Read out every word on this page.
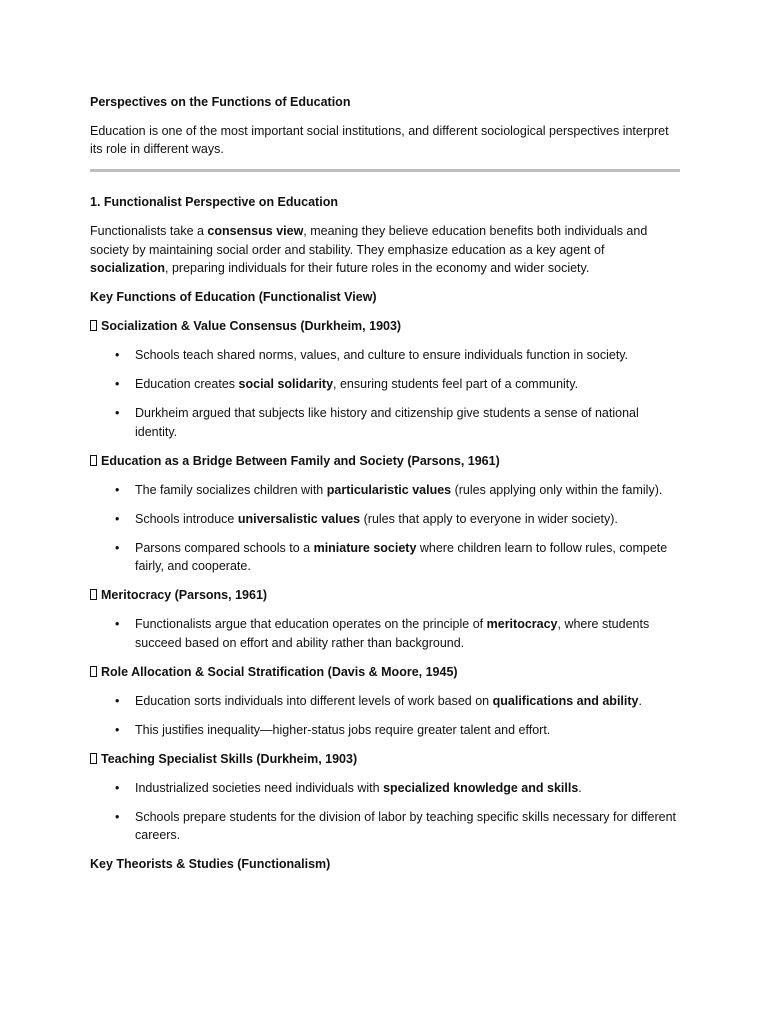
Perspectives on the Functions of Education

Education is one of the most important social institutions, and different sociological perspectives interpret its role in different ways.

1. Functionalist Perspective on Education

Functionalists take a consensus view, meaning they believe education benefits both individuals and society by maintaining social order and stability. They emphasize education as a key agent of socialization, preparing individuals for their future roles in the economy and wider society.

Key Functions of Education (Functionalist View)

Socialization & Value Consensus (Durkheim, 1903)
• Schools teach shared norms, values, and culture to ensure individuals function in society.
• Education creates social solidarity, ensuring students feel part of a community.
• Durkheim argued that subjects like history and citizenship give students a sense of national identity.
Education as a Bridge Between Family and Society (Parsons, 1961)
• The family socializes children with particularistic values (rules applying only within the family).
• Schools introduce universalistic values (rules that apply to everyone in wider society).
• Parsons compared schools to a miniature society where children learn to follow rules, compete fairly, and cooperate.
Meritocracy (Parsons, 1961)
• Functionalists argue that education operates on the principle of meritocracy, where students succeed based on effort and ability rather than background.
Role Allocation & Social Stratification (Davis & Moore, 1945)
• Education sorts individuals into different levels of work based on qualifications and ability.
• This justifies inequality—higher-status jobs require greater talent and effort.
Teaching Specialist Skills (Durkheim, 1903)
• Industrialized societies need individuals with specialized knowledge and skills.
• Schools prepare students for the division of labor by teaching specific skills necessary for different careers.

Key Theorists & Studies (Functionalism)
